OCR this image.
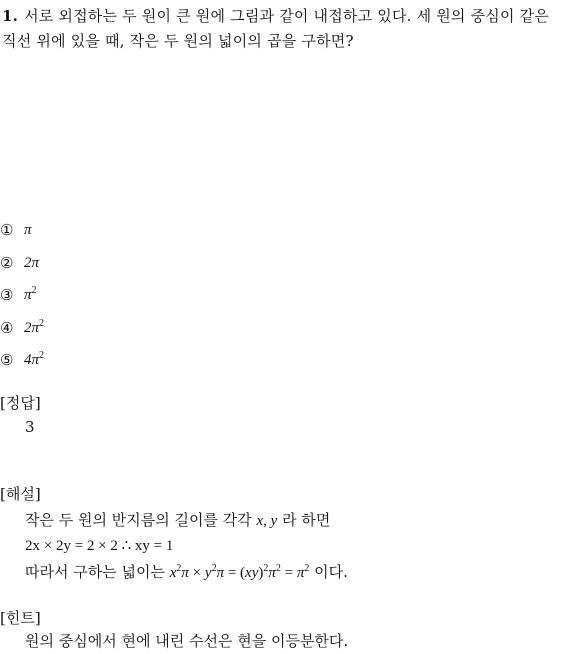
1. 서로 외접하는 두 원이 큰 원에 그림과 같이 내접하고 있다. 세 원의 중심이 같은 직선 위에 있을 때, 작은 두 원의 넓이의 곱을 구하면?
① π
② 2π
③ $\pi^2$
④ $2\pi^2$
⑤ $4\pi^2$
[정답]
3
[해설]
작은 두 원의 반지름의 길이를 각각 x, y 라 하면
2x × 2y = 2 × 2 ∴ xy = 1
따라서 구하는 넓이는 $x^2\pi \times y^2\pi = (xy)^2\pi^2 = \pi^2$ 이다.
[힌트]
원의 중심에서 현에 내린 수선은 현을 이등분한다.
